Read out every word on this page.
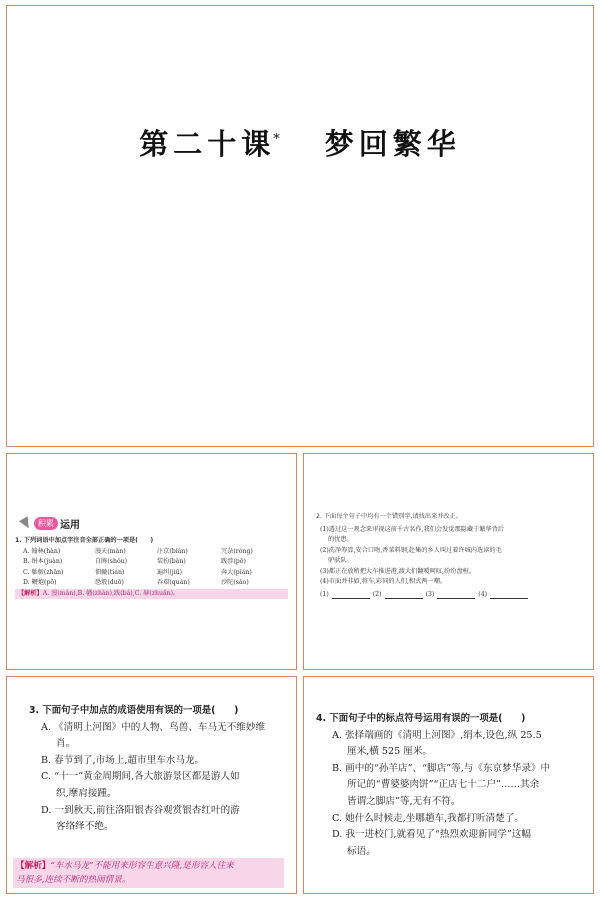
第二十课* 梦回繁华
积累 运用
1. 下列词语中加点字注音全部正确的一项是(　　)
A. 翰林(hàn)	漫天(màn)	汴京(biàn)	冗杂(róng)
B. 绢本(juàn)	自眸(shǒu)	装扮(bàn)	跋涉(pō)
C. 舢舨(zhān)	佃辘(tián)	遍纠(jiū)	奔大(pián)
D. 鞭炮(pō)	恐般(duō)	吞艰(quán)	沙陀(sào)
【解析】A. 漫(màn),B. 幡(zhàn),跋(bá),C. 赫(zhuǎn)。
2. 下面每个句子中均有一个错别字,请找出来并改正。
(1)透过这一观念来审视这前千古名作,我们会发觉那隐藏于繁华背后
的忧患。
(2)洗净筹算,安合口吻,香菜料钢,赴集的乡人叫过着许城内选读的毛
驴驮队。
(3)都正在放稍把大车推进港,渡大们翻嗳呵叹,纷纷盘桓。
(4)市面并非如,将车,彩同的人们,相式两一嘲。
(1)	(2)	(3)	(4)
3. 下面句子中加点的成语使用有误的一项是(　　)
A. 《清明上河图》中的人物、鸟兽、车马无不维妙维
肖。
B. 春节到了,市场上,超市里车水马龙。
C. “十一”黄金周期间,各大旅游景区都是游人如
织,摩肩接踵。
D. 一到秋天,前往洛阳银杏谷观赏银杏红叶的游
客络绎不绝。
【解析】“车水马龙”不能用来形容生意兴隆,是形容人往来
马很多,连续不断的热闹情景。
4. 下面句子中的标点符号运用有误的一项是(　　)
A. 张择端画的《清明上河图》,绢本,设色,纵 25.5
厘米,横 525 厘米。
B. 画中的“孙羊店”、“脚店”等,与《东京梦华录》中
所记的“曹婆婆肉饼”“正店七十二户”……其余
皆谓之脚店”等,无有不符。
C. 她什么时候走,坐哪趟车,我都打听清楚了。
D. 我一进校门,就看见了“热烈欢迎新同学”这幅
标语。
